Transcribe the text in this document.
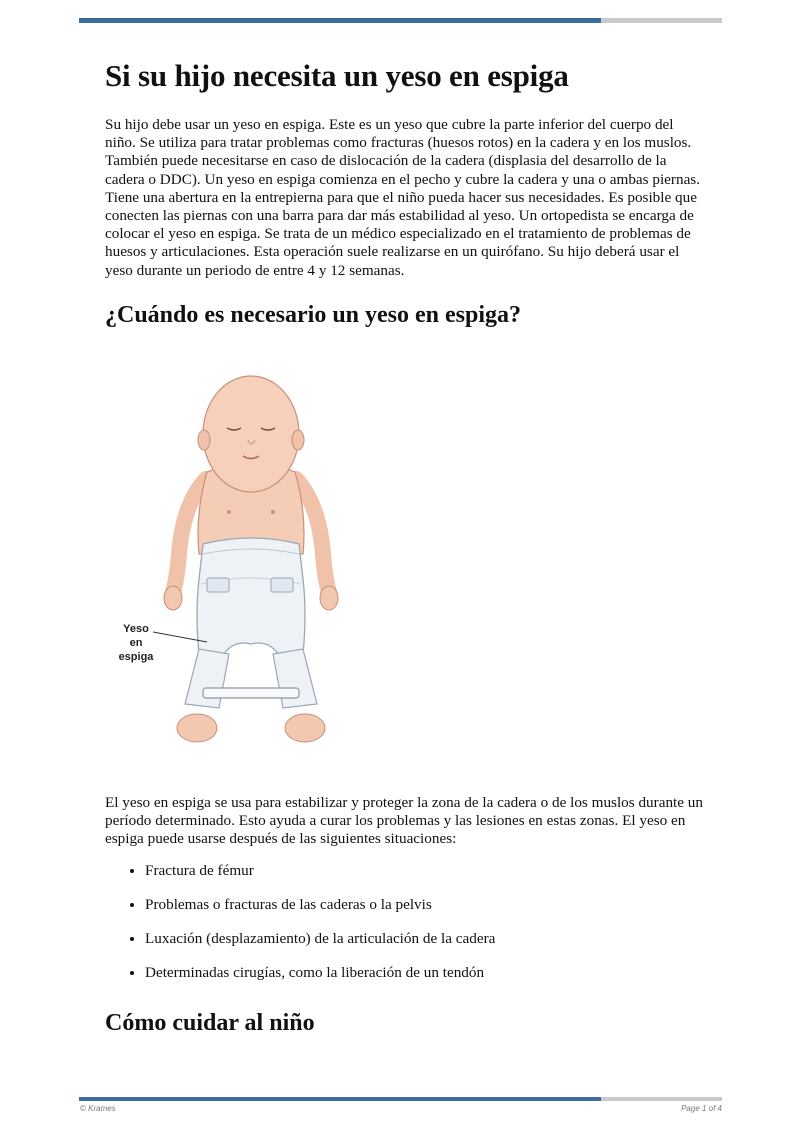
Si su hijo necesita un yeso en espiga

Su hijo debe usar un yeso en espiga. Este es un yeso que cubre la parte inferior del cuerpo del niño. Se utiliza para tratar problemas como fracturas (huesos rotos) en la cadera y en los muslos. También puede necesitarse en caso de dislocación de la cadera (displasia del desarrollo de la cadera o DDC). Un yeso en espiga comienza en el pecho y cubre la cadera y una o ambas piernas. Tiene una abertura en la entrepierna para que el niño pueda hacer sus necesidades. Es posible que conecten las piernas con una barra para dar más estabilidad al yeso. Un ortopedista se encarga de colocar el yeso en espiga. Se trata de un médico especializado en el tratamiento de problemas de huesos y articulaciones. Esta operación suele realizarse en un quirófano. Su hijo deberá usar el yeso durante un periodo de entre 4 y 12 semanas.

¿Cuándo es necesario un yeso en espiga?
Yeso
en
espiga

El yeso en espiga se usa para estabilizar y proteger la zona de la cadera o de los muslos durante un período determinado. Esto ayuda a curar los problemas y las lesiones en estas zonas. El yeso en espiga puede usarse después de las siguientes situaciones:

• Fractura de fémur
• Problemas o fracturas de las caderas o la pelvis
• Luxación (desplazamiento) de la articulación de la cadera
• Determinadas cirugías, como la liberación de un tendón
Cómo cuidar al niño
© Krames	Page 1 of 4
